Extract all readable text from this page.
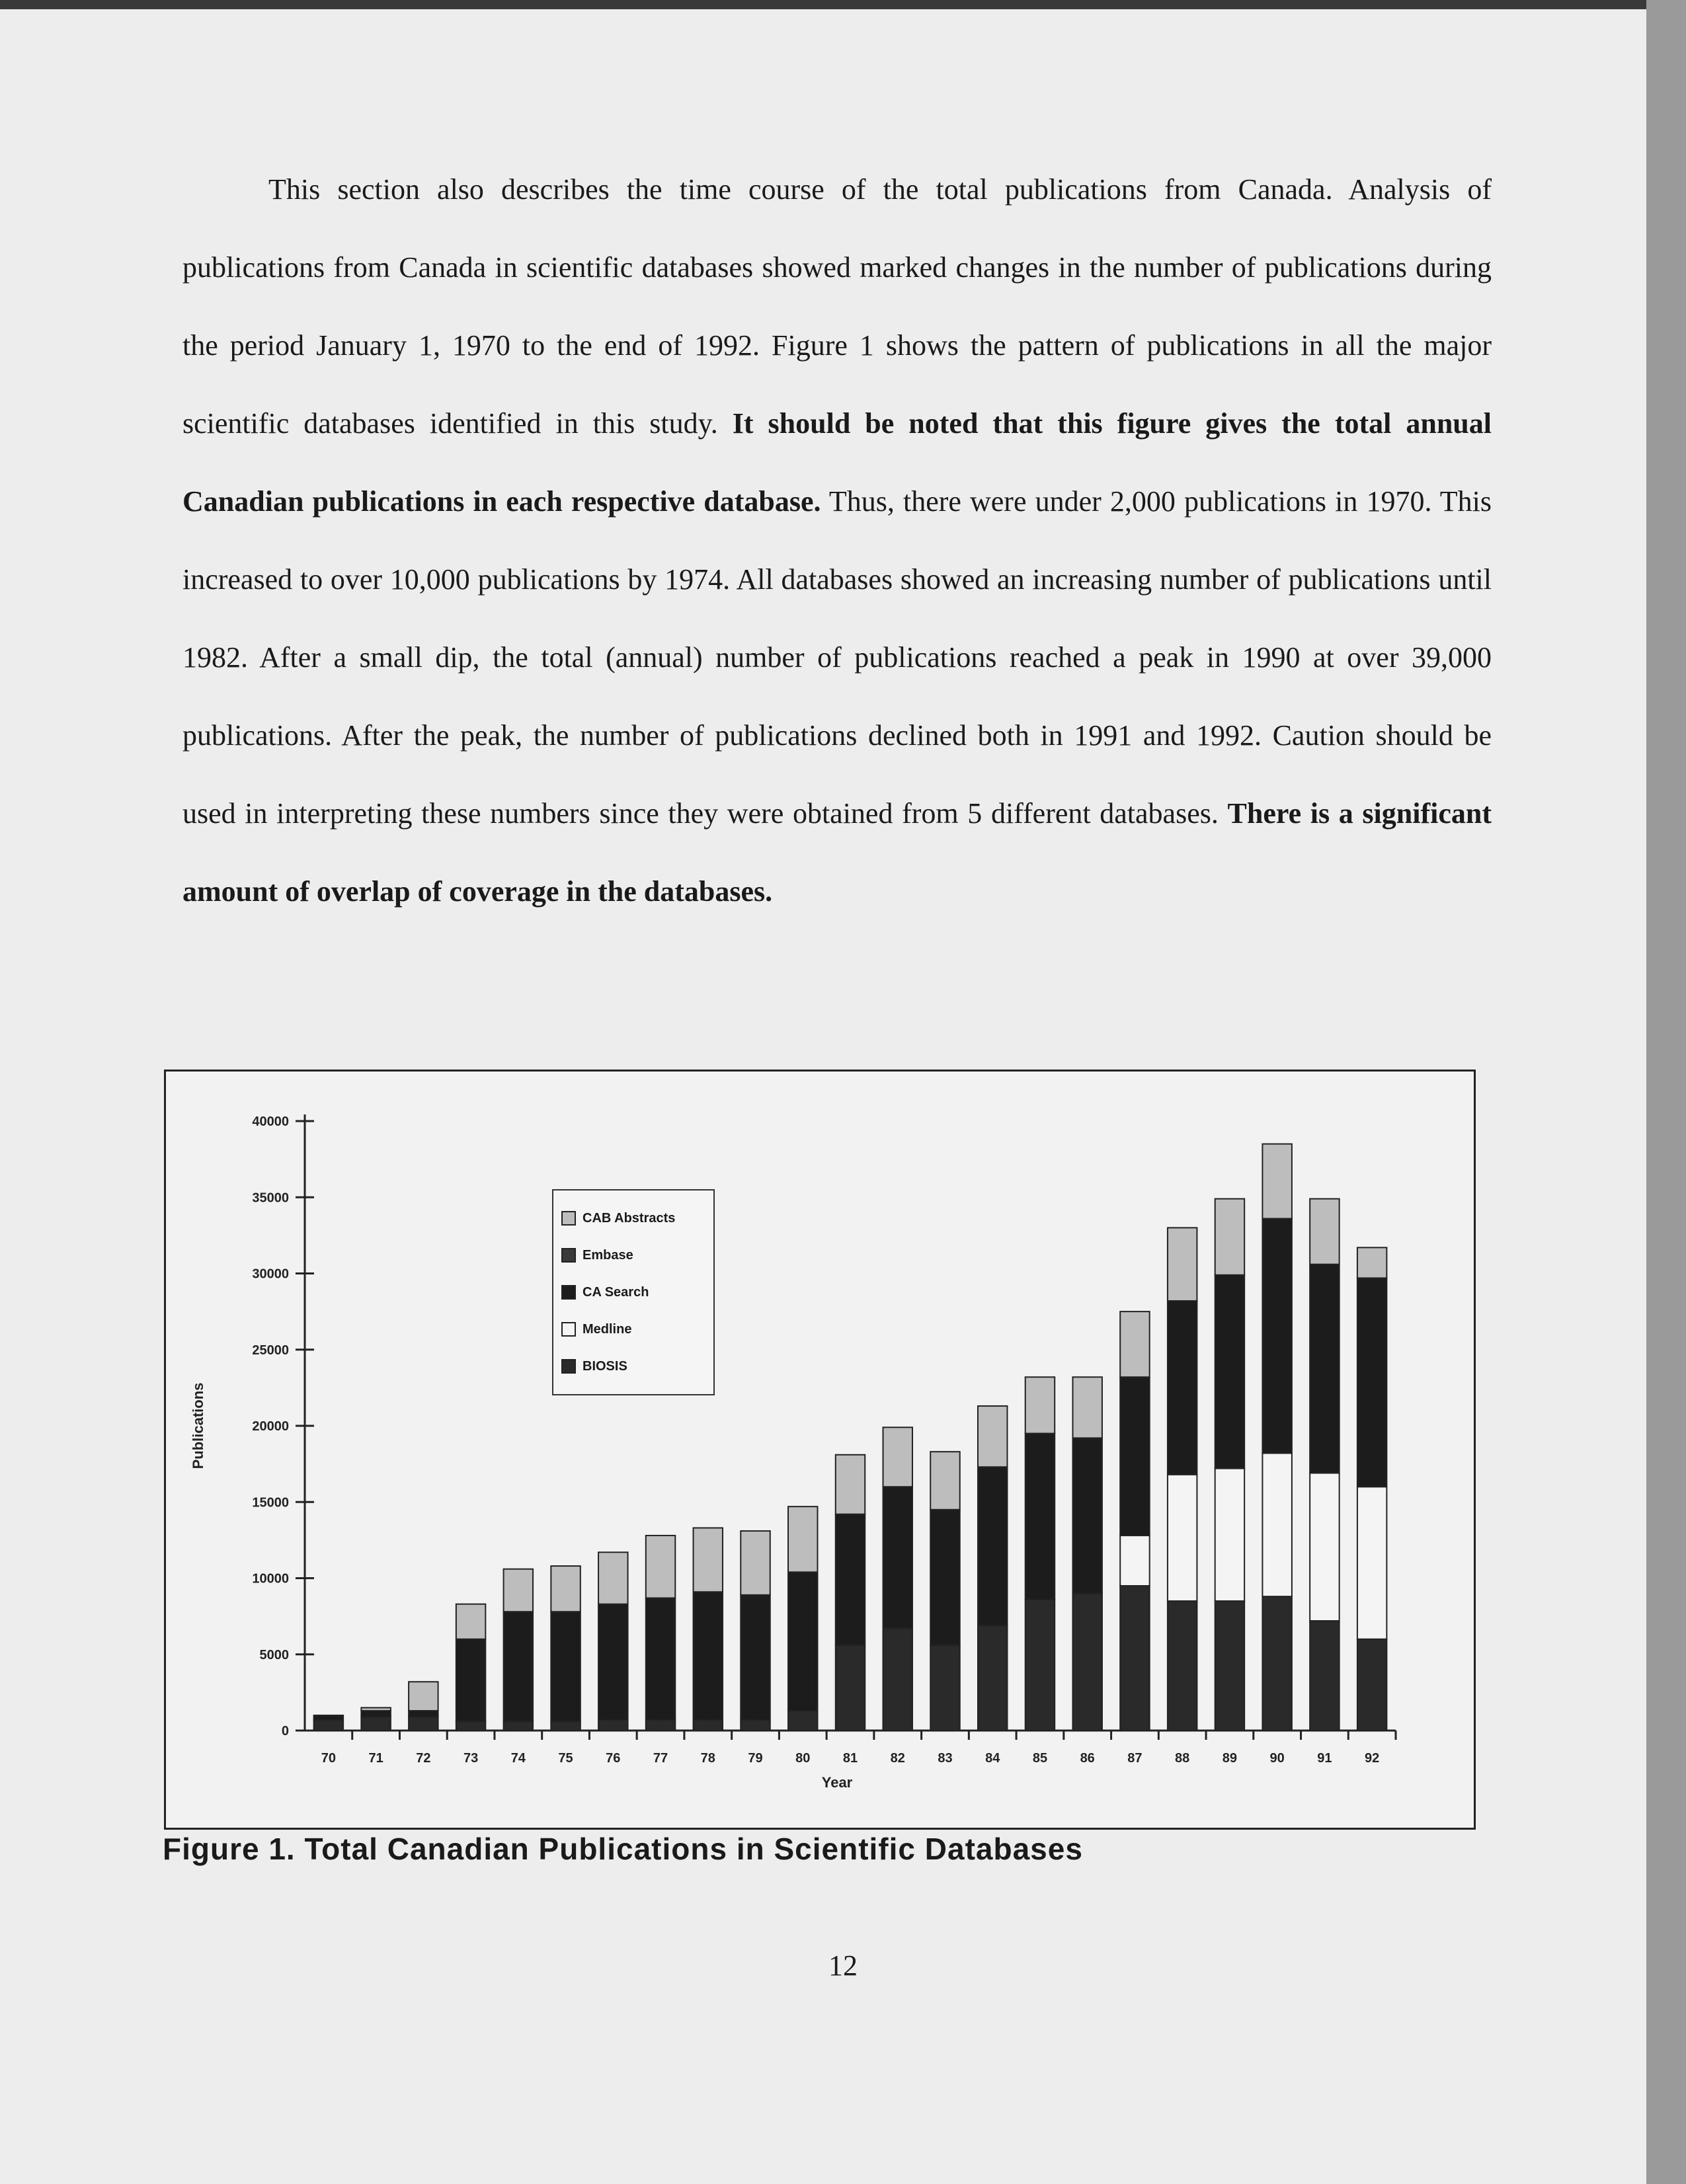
This section also describes the time course of the total publications from Canada. Analysis of publications from Canada in scientific databases showed marked changes in the number of publications during the period January 1, 1970 to the end of 1992. Figure 1 shows the pattern of publications in all the major scientific databases identified in this study. It should be noted that this figure gives the total annual Canadian publications in each respective database. Thus, there were under 2,000 publications in 1970. This increased to over 10,000 publications by 1974. All databases showed an increasing number of publications until 1982. After a small dip, the total (annual) number of publications reached a peak in 1990 at over 39,000 publications. After the peak, the number of publications declined both in 1991 and 1992. Caution should be used in interpreting these numbers since they were obtained from 5 different databases. There is a significant amount of overlap of coverage in the databases.

0
5000
10000
15000
20000
25000
30000
35000
40000
Publications
70 71 72 73 74 75 76 77 78 79 80 81 82 83 84 85 86 87 88 89 90 91 92
Year
CAB Abstracts
Embase
CA Search
Medline
BIOSIS
Figure 1. Total Canadian Publications in Scientific Databases
12
